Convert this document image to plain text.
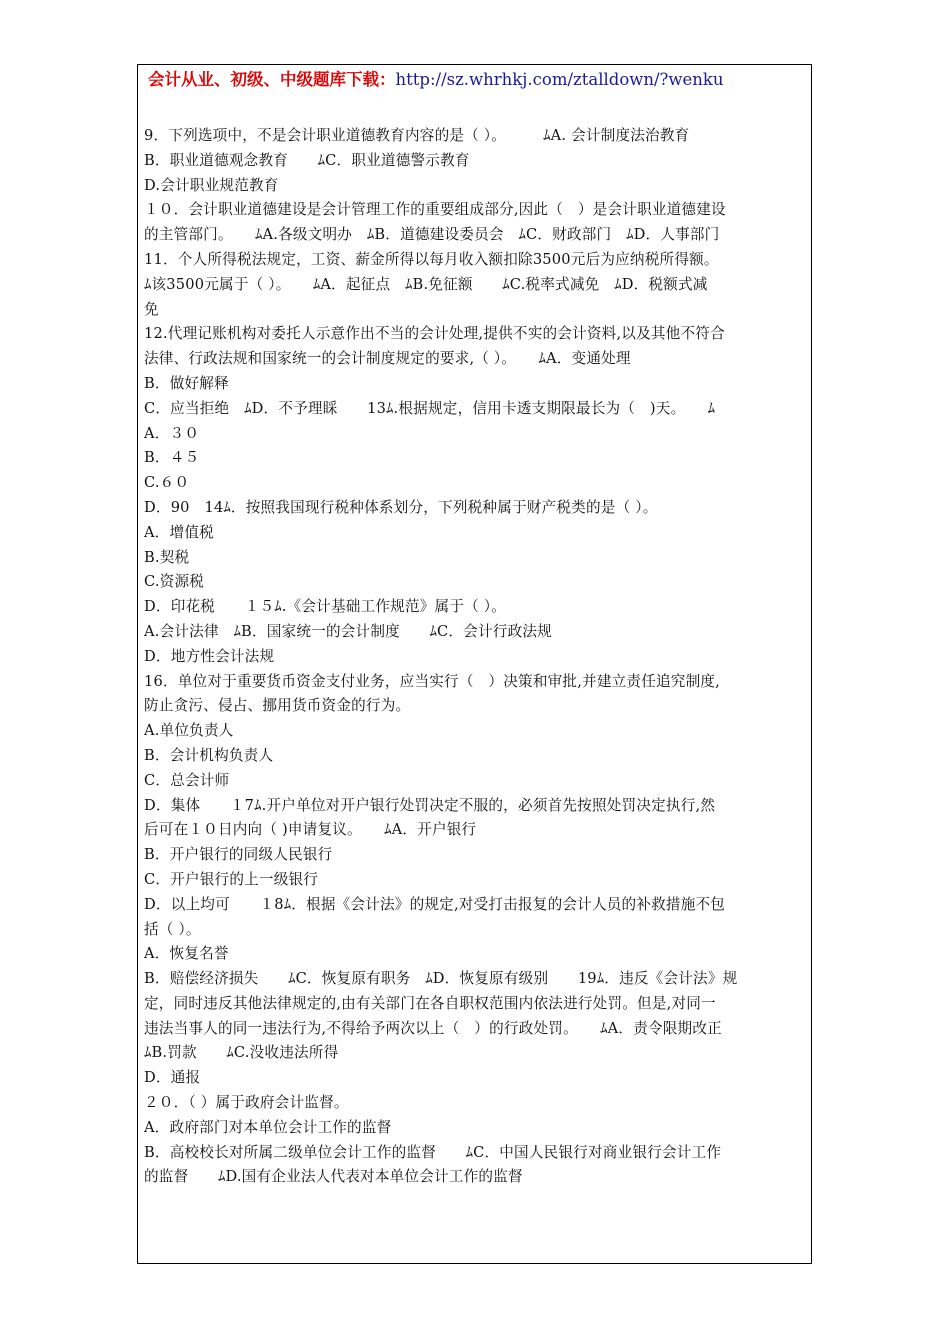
会计从业、初级、中级题库下载：http://sz.whrhkj.com/ztalldown/?wenku
9．下列选项中，不是会计职业道德教育内容的是（ ）。　　　ﾑA. 会计制度法治教育
B．职业道德观念教育　　ﾑC．职业道德警示教育
D.会计职业规范教育
１０．会计职业道德建设是会计管理工作的重要组成部分,因此（　）是会计职业道德建设
的主管部门。　　ﾑA.各级文明办　ﾑB．道德建设委员会　ﾑC．财政部门　ﾑD．人事部门
11．个人所得税法规定，工资、薪金所得以每月收入额扣除3500元后为应纳税所得额。
ﾑ该3500元属于（ ）。　　ﾑA．起征点　ﾑB.免征额　　ﾑC.税率式减免　ﾑD．税额式减
免
12.代理记账机构对委托人示意作出不当的会计处理,提供不实的会计资料,以及其他不符合
法律、行政法规和国家统一的会计制度规定的要求,（ ）。　　ﾑA．变通处理
B．做好解释
C．应当拒绝　ﾑD．不予理睬　　13ﾑ.根据规定，信用卡透支期限最长为（　)天。　　ﾑ
A．３０
B．４５
C.６０
D．90　14ﾑ．按照我国现行税种体系划分，下列税种属于财产税类的是（ ）。
A．增值税
B.契税
C.资源税
D．印花税　　１５ﾑ.《会计基础工作规范》属于（ ）。
A.会计法律　ﾑB．国家统一的会计制度　　ﾑC．会计行政法规
D．地方性会计法规
16．单位对于重要货币资金支付业务，应当实行（　）决策和审批,并建立责任追究制度,
防止贪污、侵占、挪用货币资金的行为。
A.单位负责人
B．会计机构负责人
C．总会计师
D．集体　　１7ﾑ.开户单位对开户银行处罚决定不服的，必须首先按照处罚决定执行,然
后可在１０日内向（ )申请复议。　　ﾑA．开户银行
B．开户银行的同级人民银行
C．开户银行的上一级银行
D．以上均可　　１8ﾑ．根据《会计法》的规定,对受打击报复的会计人员的补救措施不包
括（ ）。
A．恢复名誉
B．赔偿经济损失　　ﾑC．恢复原有职务　ﾑD．恢复原有级别　　19ﾑ．违反《会计法》规
定，同时违反其他法律规定的,由有关部门在各自职权范围内依法进行处罚。但是,对同一
违法当事人的同一违法行为,不得给予两次以上（　）的行政处罚。　　ﾑA．责令限期改正
ﾑB.罚款　　ﾑC.没收违法所得
D．通报
２０．（ ）属于政府会计监督。
A．政府部门对本单位会计工作的监督
B．高校校长对所属二级单位会计工作的监督　　ﾑC．中国人民银行对商业银行会计工作
的监督　　ﾑD.国有企业法人代表对本单位会计工作的监督
